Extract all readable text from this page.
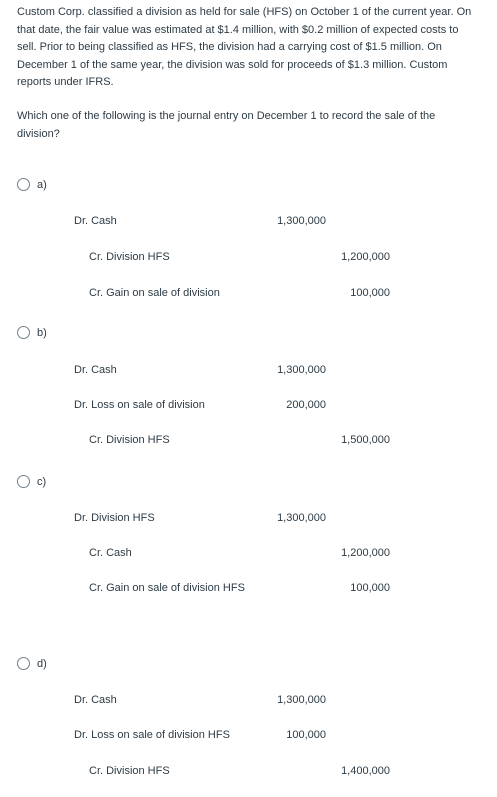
Custom Corp. classified a division as held for sale (HFS) on October 1 of the current year. On that date, the fair value was estimated at $1.4 million, with $0.2 million of expected costs to sell. Prior to being classified as HFS, the division had a carrying cost of $1.5 million. On December 1 of the same year, the division was sold for proceeds of $1.3 million. Custom reports under IFRS.
Which one of the following is the journal entry on December 1 to record the sale of the division?
a)
Dr. Cash	1,300,000
Cr. Division HFS	1,200,000
Cr. Gain on sale of division	100,000
b)
Dr. Cash	1,300,000
Dr. Loss on sale of division	200,000
Cr. Division HFS	1,500,000
c)
Dr. Division HFS	1,300,000
Cr. Cash	1,200,000
Cr. Gain on sale of division HFS	100,000
d)
Dr. Cash	1,300,000
Dr. Loss on sale of division HFS	100,000
Cr. Division HFS	1,400,000
